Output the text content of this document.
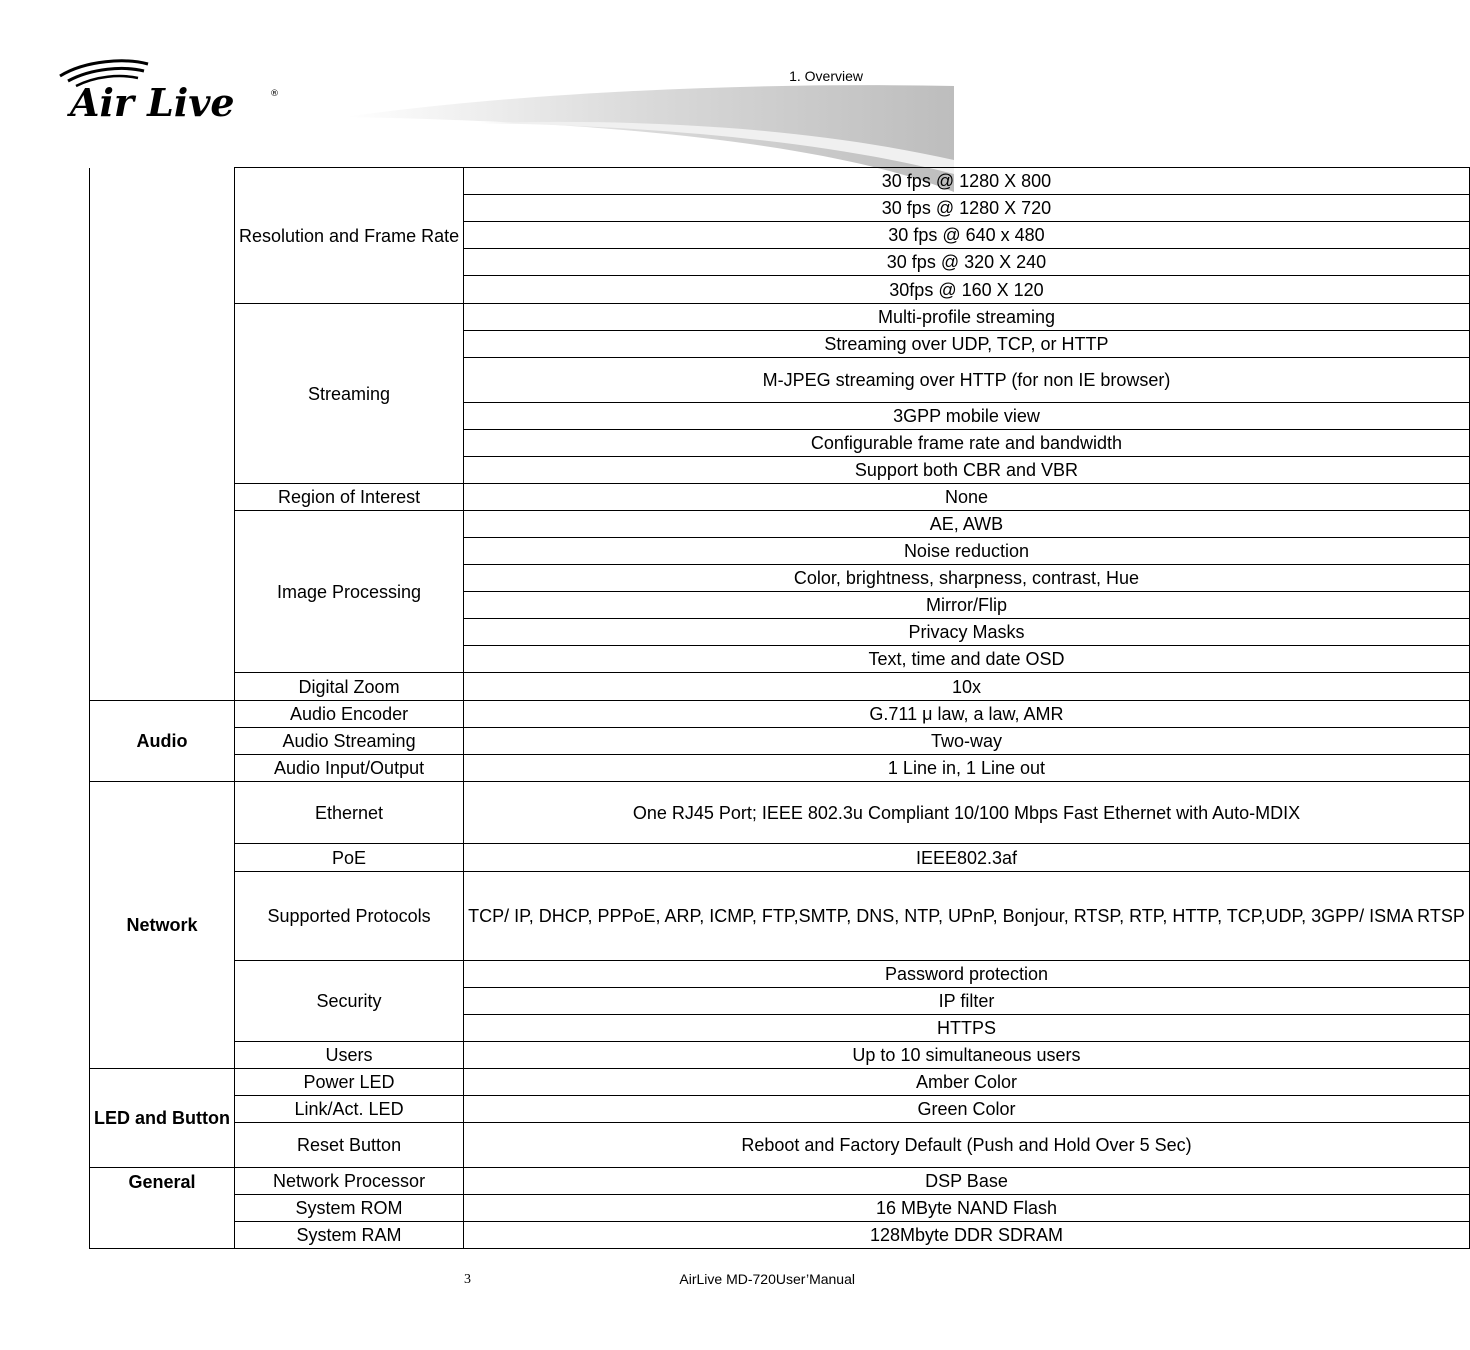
Air Live	®
1. Overview
	Resolution and Frame Rate	30 fps @ 1280 X 800
		30 fps @ 1280 X 720
		30 fps @ 640 x 480
		30 fps @ 320 X 240
		30fps @ 160 X 120
	Streaming	Multi-profile streaming
		Streaming over UDP, TCP, or HTTP
		M-JPEG streaming over HTTP (for non IE browser)
		3GPP mobile view
		Configurable frame rate and bandwidth
		Support both CBR and VBR
	Region of Interest	None
	Image Processing	AE, AWB
		Noise reduction
		Color, brightness, sharpness, contrast, Hue
		Mirror/Flip
		Privacy Masks
		Text, time and date OSD
	Digital Zoom	10x
Audio	Audio Encoder	G.711 μ law, a law, AMR
	Audio Streaming	Two-way
	Audio Input/Output	1 Line in, 1 Line out
Network	Ethernet	One RJ45 Port; IEEE 802.3u Compliant 10/100 Mbps Fast Ethernet with Auto-MDIX
	PoE	IEEE802.3af
	Supported Protocols	TCP/ IP, DHCP, PPPoE, ARP, ICMP, FTP,SMTP, DNS, NTP, UPnP, Bonjour, RTSP, RTP, HTTP, TCP,UDP, 3GPP/ ISMA RTSP
	Security	Password protection
		IP filter
		HTTPS
	Users	Up to 10 simultaneous users
LED and Button	Power LED	Amber Color
	Link/Act. LED	Green Color
	Reset Button	Reboot and Factory Default (Push and Hold Over 5 Sec)
General	Network Processor	DSP Base
	System ROM	16 MByte NAND Flash
	System RAM	128Mbyte DDR SDRAM
3	AirLive MD-720User’Manual
